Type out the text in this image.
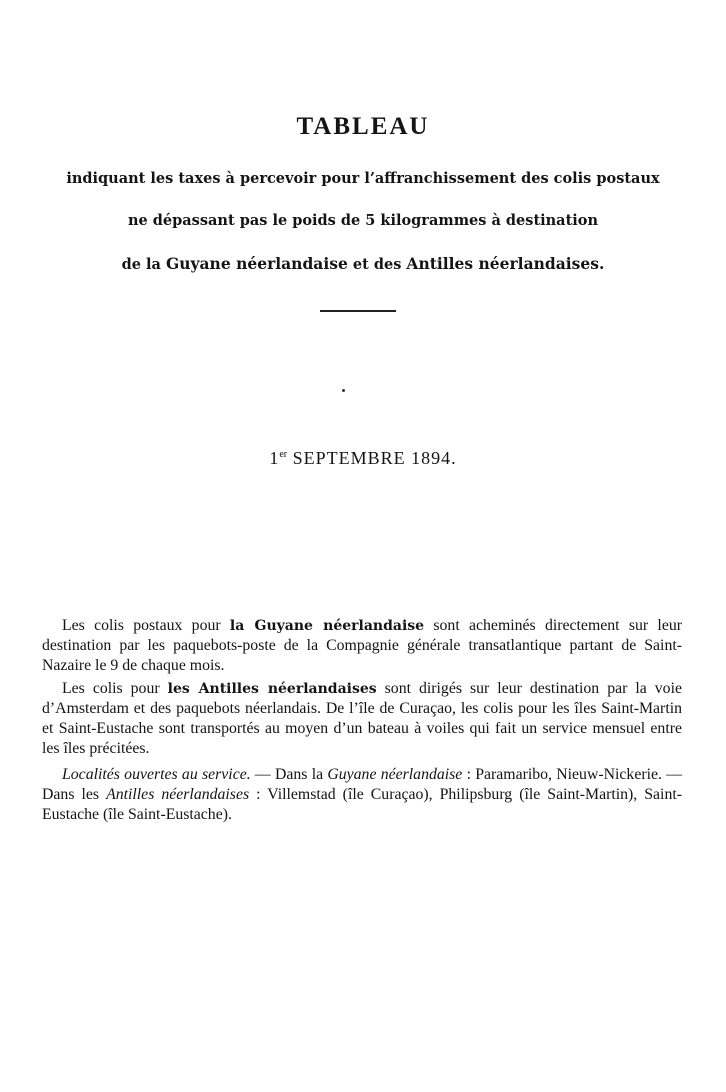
TABLEAU
indiquant les taxes à percevoir pour l’affranchissement des colis postaux
ne dépassant pas le poids de 5 kilogrammes à destination
de la Guyane néerlandaise et des Antilles néerlandaises.
1er SEPTEMBRE 1894.
Les colis postaux pour la Guyane néerlandaise sont acheminés directement sur leur destination par les paquebots-poste de la Compagnie générale transatlantique partant de Saint-Nazaire le 9 de chaque mois.
Les colis pour les Antilles néerlandaises sont dirigés sur leur destination par la voie d’Amsterdam et des paquebots néerlandais. De l’île de Curaçao, les colis pour les îles Saint-Martin et Saint-Eustache sont transportés au moyen d’un bateau à voiles qui fait un service mensuel entre les îles précitées.
Localités ouvertes au service. — Dans la Guyane néerlandaise : Paramaribo, Nieuw-Nickerie. — Dans les Antilles néerlandaises : Villemstad (île Curaçao), Philipsburg (île Saint-Martin), Saint-Eustache (île Saint-Eustache).
